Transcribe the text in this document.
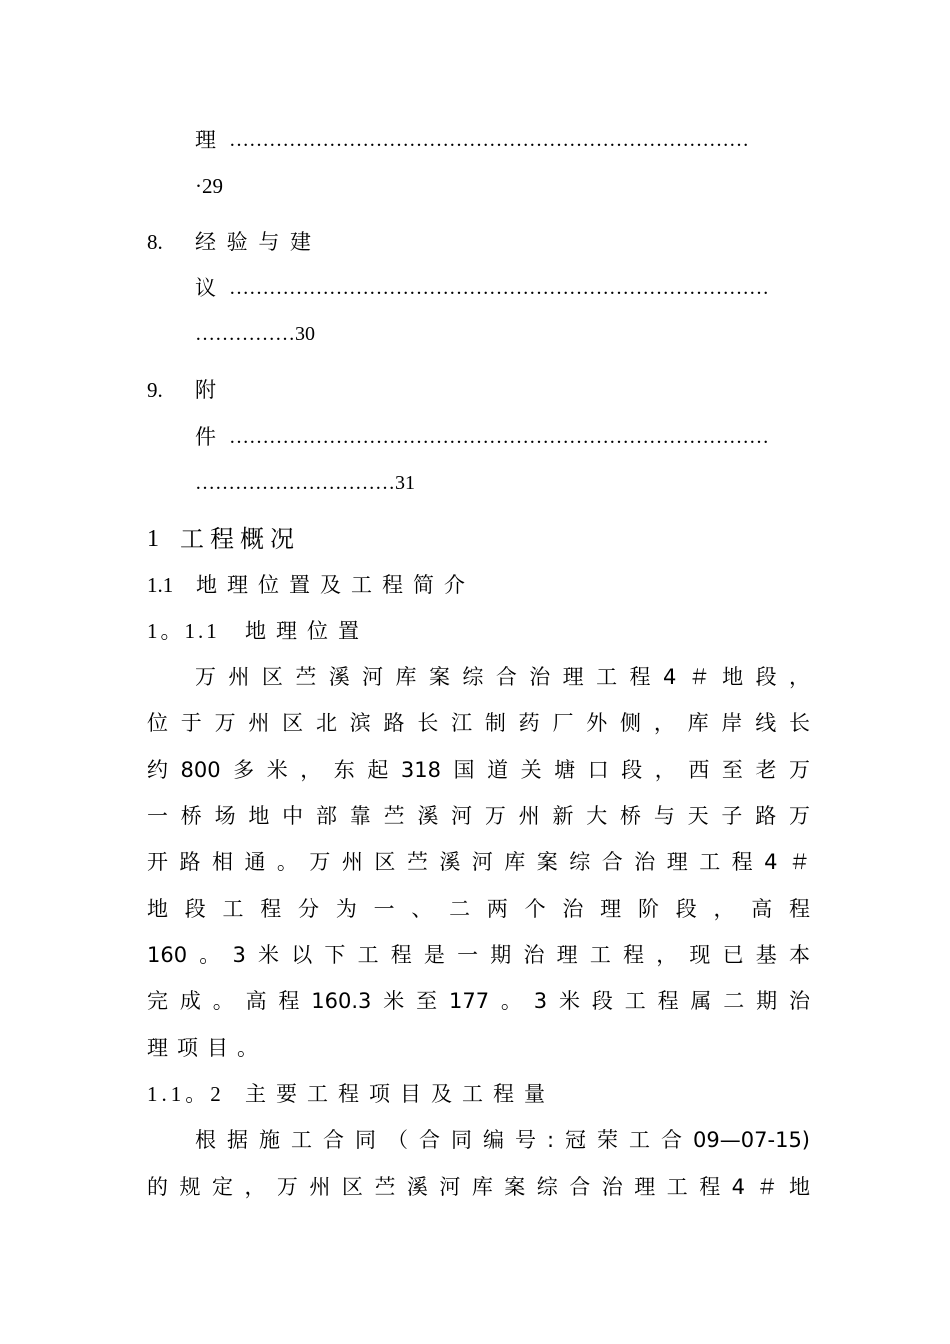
理 ……………………………………………………………………
·29
8. 经 验 与 建
议 ………………………………………………………………………
……………30
9. 附
件 ………………………………………………………………………
…………………………31
1 工程概况
1.1 地理位置及工程简介
1。1.1 地理位置
万州区苎溪河库案综合治理工程4＃地段，
位于万州区北滨路长江制药厂外侧，库岸线长
约800多米，东起318国道关塘口段，西至老万
一桥场地中部靠苎溪河万州新大桥与天子路万
开路相通。万州区苎溪河库案综合治理工程4＃
地段工程分为一、二两个治理阶段，高程
160。3米以下工程是一期治理工程，现已基本
完成。高程160.3米至177。3米段工程属二期治
理项目。
1.1。2 主要工程项目及工程量
根据施工合同（合同编号:冠荣工合09—07-15)
的规定，万州区苎溪河库案综合治理工程4＃地
